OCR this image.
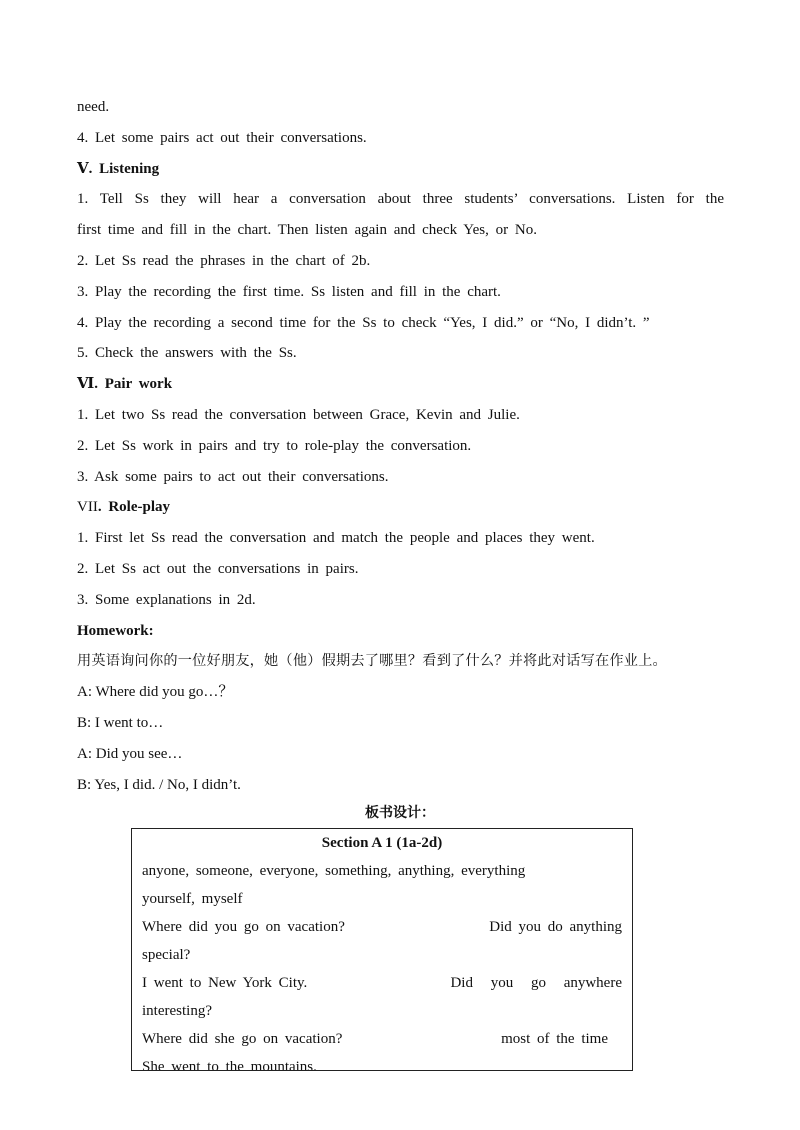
need.
4. Let some pairs act out their conversations.
Ⅴ. Listening
1. Tell Ss they will hear a conversation about three students’ conversations. Listen for the
first time and fill in the chart. Then listen again and check Yes, or No.
2. Let Ss read the phrases in the chart of 2b.
3. Play the recording the first time. Ss listen and fill in the chart.
4. Play the recording a second time for the Ss to check “Yes, I did.” or “No, I didn’t. ”
5. Check the answers with the Ss.
Ⅵ. Pair work
1. Let two Ss read the conversation between Grace, Kevin and Julie.
2. Let Ss work in pairs and try to role-play the conversation.
3. Ask some pairs to act out their conversations.
VII. Role-play
1. First let Ss read the conversation and match the people and places they went.
2. Let Ss act out the conversations in pairs.
3. Some explanations in 2d.
Homework:
用英语询问你的一位好朋友，她（他）假期去了哪里？看到了什么？并将此对话写在作业上。
A: Where did you go…？
B: I went to…
A: Did you see…
B: Yes, I did. / No, I didn’t.
板书设计：
Section A 1 (1a-2d)
anyone, someone, everyone, something, anything, everything
yourself, myself
Where did you go on vacation?	Did you do anything
special?
I went to New York City.	Did you go anywhere
interesting?
Where did she go on vacation?	most of the time
She went to the mountains.
